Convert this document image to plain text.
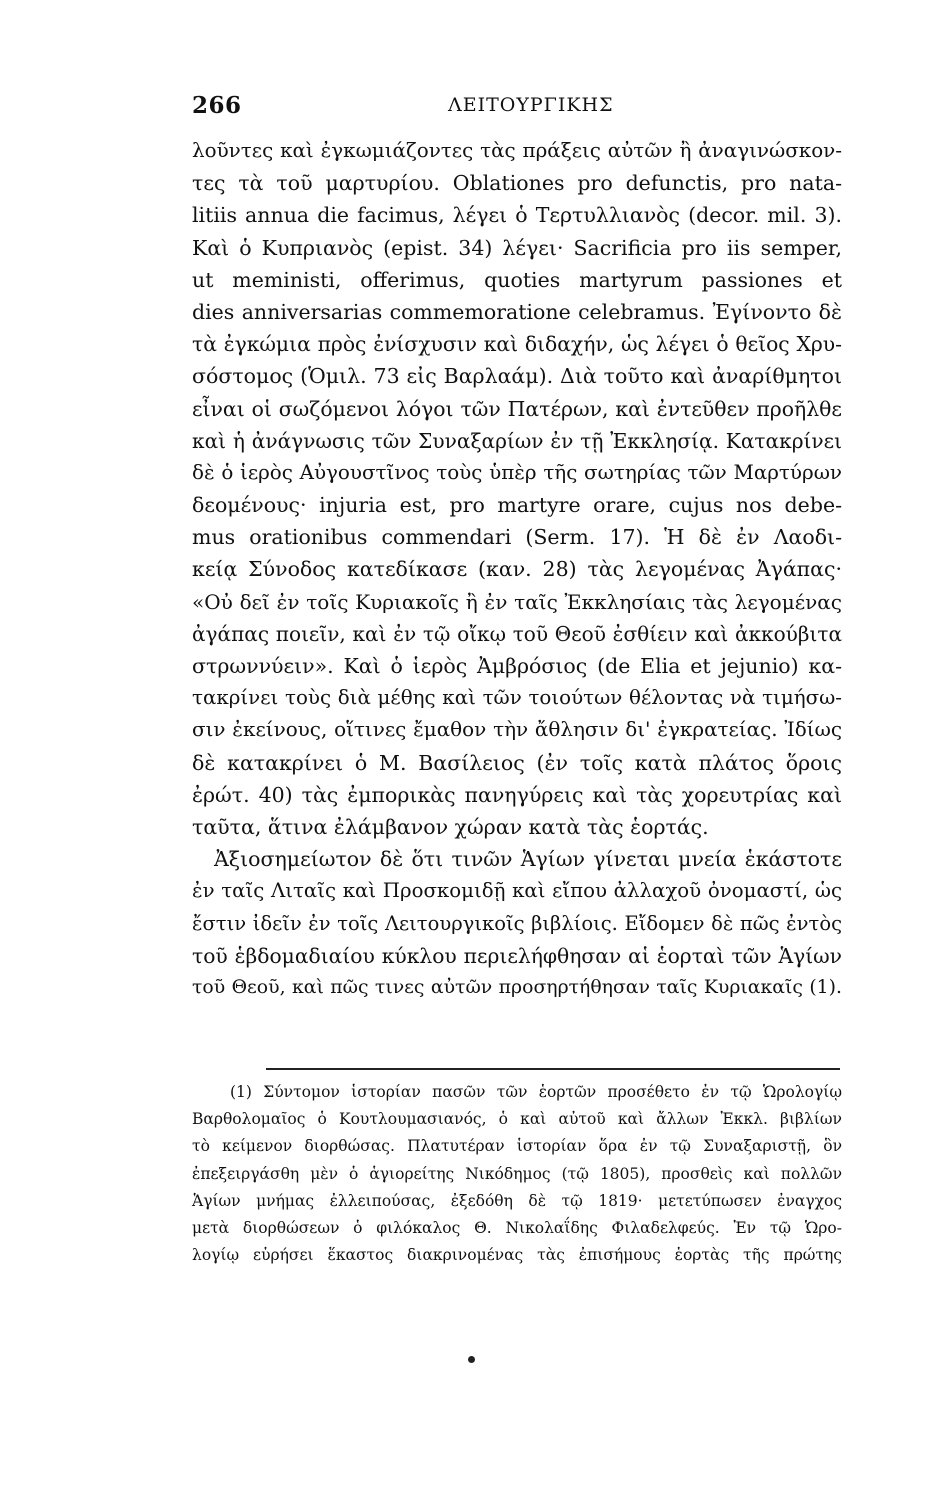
266	ΛΕΙΤΟΥΡΓΙΚΗΣ
λοῦντες καὶ ἐγκωμιάζοντες τὰς πράξεις αὐτῶν ἢ ἀναγινώσκον-
τες τὰ τοῦ μαρτυρίου. Oblationes pro defunctis, pro nata-
litiis annua die facimus, λέγει ὁ Τερτυλλιανὸς (decor. mil. 3).
Καὶ ὁ Κυπριανὸς (epist. 34) λέγει· Sacrificia pro iis semper,
ut meministi, offerimus, quoties martyrum passiones et
dies anniversarias commemoratione celebramus. Ἐγίνοντο δὲ
τὰ ἐγκώμια πρὸς ἐνίσχυσιν καὶ διδαχήν, ὡς λέγει ὁ θεῖος Χρυ-
σόστομος (Ὁμιλ. 73 εἰς Βαρλαάμ). Διὰ τοῦτο καὶ ἀναρίθμητοι
εἶναι οἱ σωζόμενοι λόγοι τῶν Πατέρων, καὶ ἐντεῦθεν προῆλθε
καὶ ἡ ἀνάγνωσις τῶν Συναξαρίων ἐν τῇ Ἐκκλησίᾳ. Κατακρίνει
δὲ ὁ ἱερὸς Αὐγουστῖνος τοὺς ὑπὲρ τῆς σωτηρίας τῶν Μαρτύρων
δεομένους· injuria est, pro martyre orare, cujus nos debe-
mus orationibus commendari (Serm. 17). Ἡ δὲ ἐν Λαοδι-
κείᾳ Σύνοδος κατεδίκασε (καν. 28) τὰς λεγομένας Ἀγάπας·
«Οὐ δεῖ ἐν τοῖς Κυριακοῖς ἢ ἐν ταῖς Ἐκκλησίαις τὰς λεγομένας
ἀγάπας ποιεῖν, καὶ ἐν τῷ οἴκῳ τοῦ Θεοῦ ἐσθίειν καὶ ἀκκούβιτα
στρωννύειν». Καὶ ὁ ἱερὸς Ἀμβρόσιος (de Elia et jejunio) κα-
τακρίνει τοὺς διὰ μέθης καὶ τῶν τοιούτων θέλοντας νὰ τιμήσω-
σιν ἐκείνους, οἵτινες ἔμαθον τὴν ἄθλησιν δι' ἐγκρατείας. Ἰδίως
δὲ κατακρίνει ὁ Μ. Βασίλειος (ἐν τοῖς κατὰ πλάτος ὅροις
ἐρώτ. 40) τὰς ἐμπορικὰς πανηγύρεις καὶ τὰς χορευτρίας καὶ
ταῦτα, ἅτινα ἐλάμβανον χώραν κατὰ τὰς ἑορτάς.
Ἀξιοσημείωτον δὲ ὅτι τινῶν Ἁγίων γίνεται μνεία ἑκάστοτε
ἐν ταῖς Λιταῖς καὶ Προσκομιδῇ καὶ εἴπου ἀλλαχοῦ ὀνομαστί, ὡς
ἔστιν ἰδεῖν ἐν τοῖς Λειτουργικοῖς βιβλίοις. Εἴδομεν δὲ πῶς ἐντὸς
τοῦ ἑβδομαδιαίου κύκλου περιελήφθησαν αἱ ἑορταὶ τῶν Ἁγίων
τοῦ Θεοῦ, καὶ πῶς τινες αὐτῶν προσηρτήθησαν ταῖς Κυριακαῖς (1).
(1) Σύντομον ἱστορίαν πασῶν τῶν ἑορτῶν προσέθετο ἐν τῷ Ὡρολογίῳ
Βαρθολομαῖος ὁ Κουτλουμασιανός, ὁ καὶ αὐτοῦ καὶ ἄλλων Ἐκκλ. βιβλίων
τὸ κείμενον διορθώσας. Πλατυτέραν ἱστορίαν ὅρα ἐν τῷ Συναξαριστῇ, ὃν
ἐπεξειργάσθη μὲν ὁ ἁγιορείτης Νικόδημος (τῷ 1805), προσθεὶς καὶ πολλῶν
Ἁγίων μνήμας ἐλλειπούσας, ἐξεδόθη δὲ τῷ 1819· μετετύπωσεν ἐναγχος
μετὰ διορθώσεων ὁ φιλόκαλος Θ. Νικολαΐδης Φιλαδελφεύς. Ἐν τῷ Ὡρο-
λογίῳ εὑρήσει ἕκαστος διακρινομένας τὰς ἐπισήμους ἑορτὰς τῆς πρώτης
